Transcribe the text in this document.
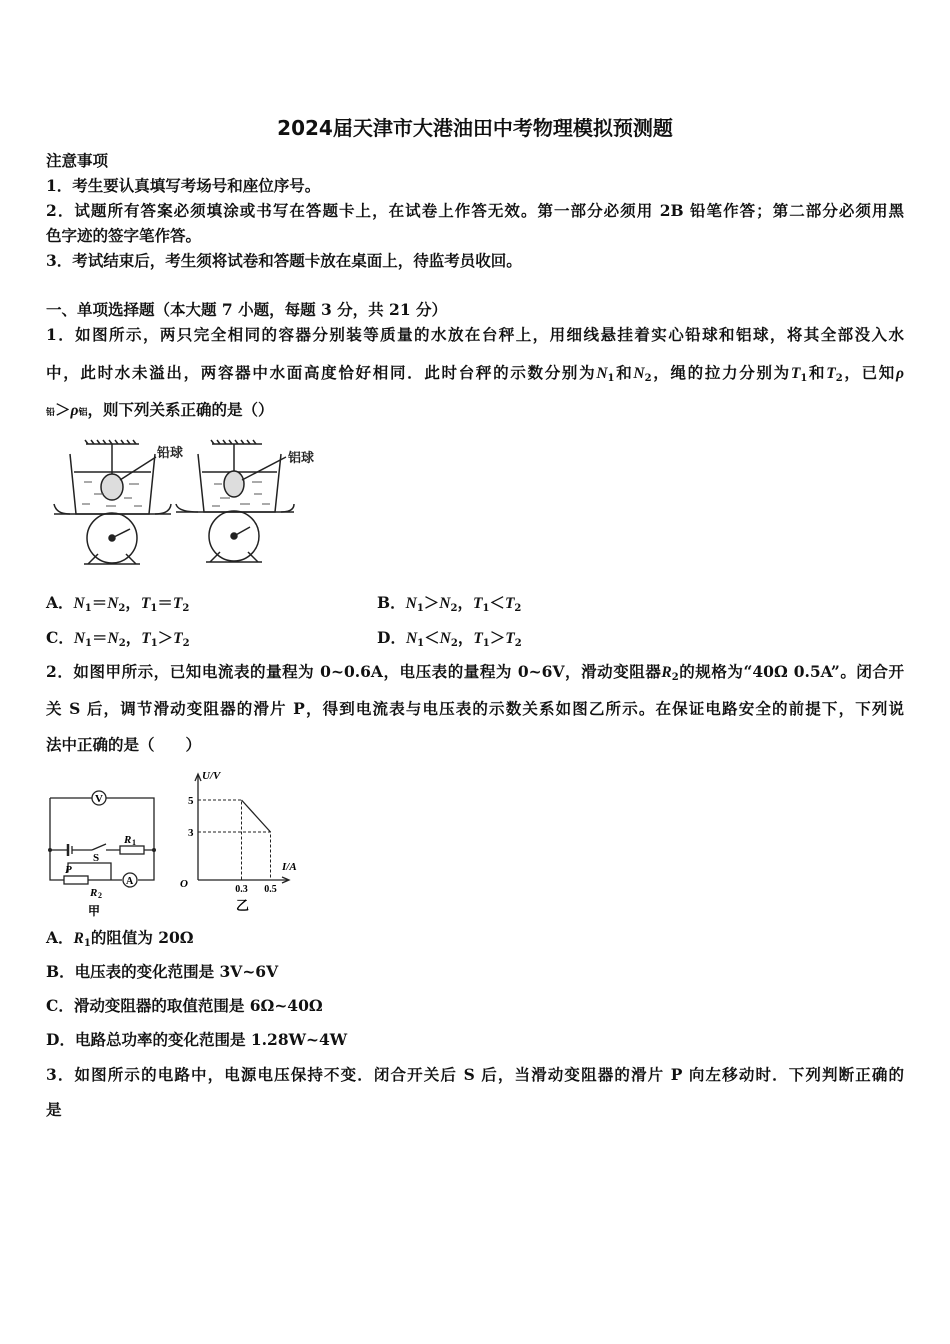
2024届天津市大港油田中考物理模拟预测题
注意事项
1．考生要认真填写考场号和座位序号。
2．试题所有答案必须填涂或书写在答题卡上，在试卷上作答无效。第一部分必须用 2B 铅笔作答；第二部分必须用黑
色字迹的签字笔作答。
3．考试结束后，考生须将试卷和答题卡放在桌面上，待监考员收回。
一、单项选择题（本大题 7 小题，每题 3 分，共 21 分）
1．如图所示，两只完全相同的容器分别装等质量的水放在台秤上，用细线悬挂着实心铅球和铝球，将其全部没入水
中，此时水未溢出，两容器中水面高度恰好相同．此时台秤的示数分别为$N_1$和$N_2$，绳的拉力分别为$T_1$和$T_2$，已知ρ
铅＞ρ铝，则下列关系正确的是（）
铅球	铝球
A．$N_1=N_2$，$T_1=T_2$	B．$N_1>N_2$，$T_1<T_2$
C．$N_1=N_2$，$T_1>T_2$	D．$N_1<N_2$，$T_1>T_2$
2．如图甲所示，已知电流表的量程为 0~0.6A，电压表的量程为 0~6V，滑动变阻器$R_2$的规格为“40Ω 0.5A”。闭合开
关 S 后，调节滑动变阻器的滑片 P，得到电流表与电压表的示数关系如图乙所示。在保证电路安全的前提下，下列说
法中正确的是（　　）
V
A
R 1
R 2
S
P
甲
U/V
I/A
O
5
3
0.3 0.5
乙
A．$R_1$的阻值为 20Ω
B．电压表的变化范围是 3V~6V
C．滑动变阻器的取值范围是 6Ω~40Ω
D．电路总功率的变化范围是 1.28W~4W
3．如图所示的电路中，电源电压保持不变．闭合开关后 S 后，当滑动变阻器的滑片 P 向左移动时．下列判断正确的
是
